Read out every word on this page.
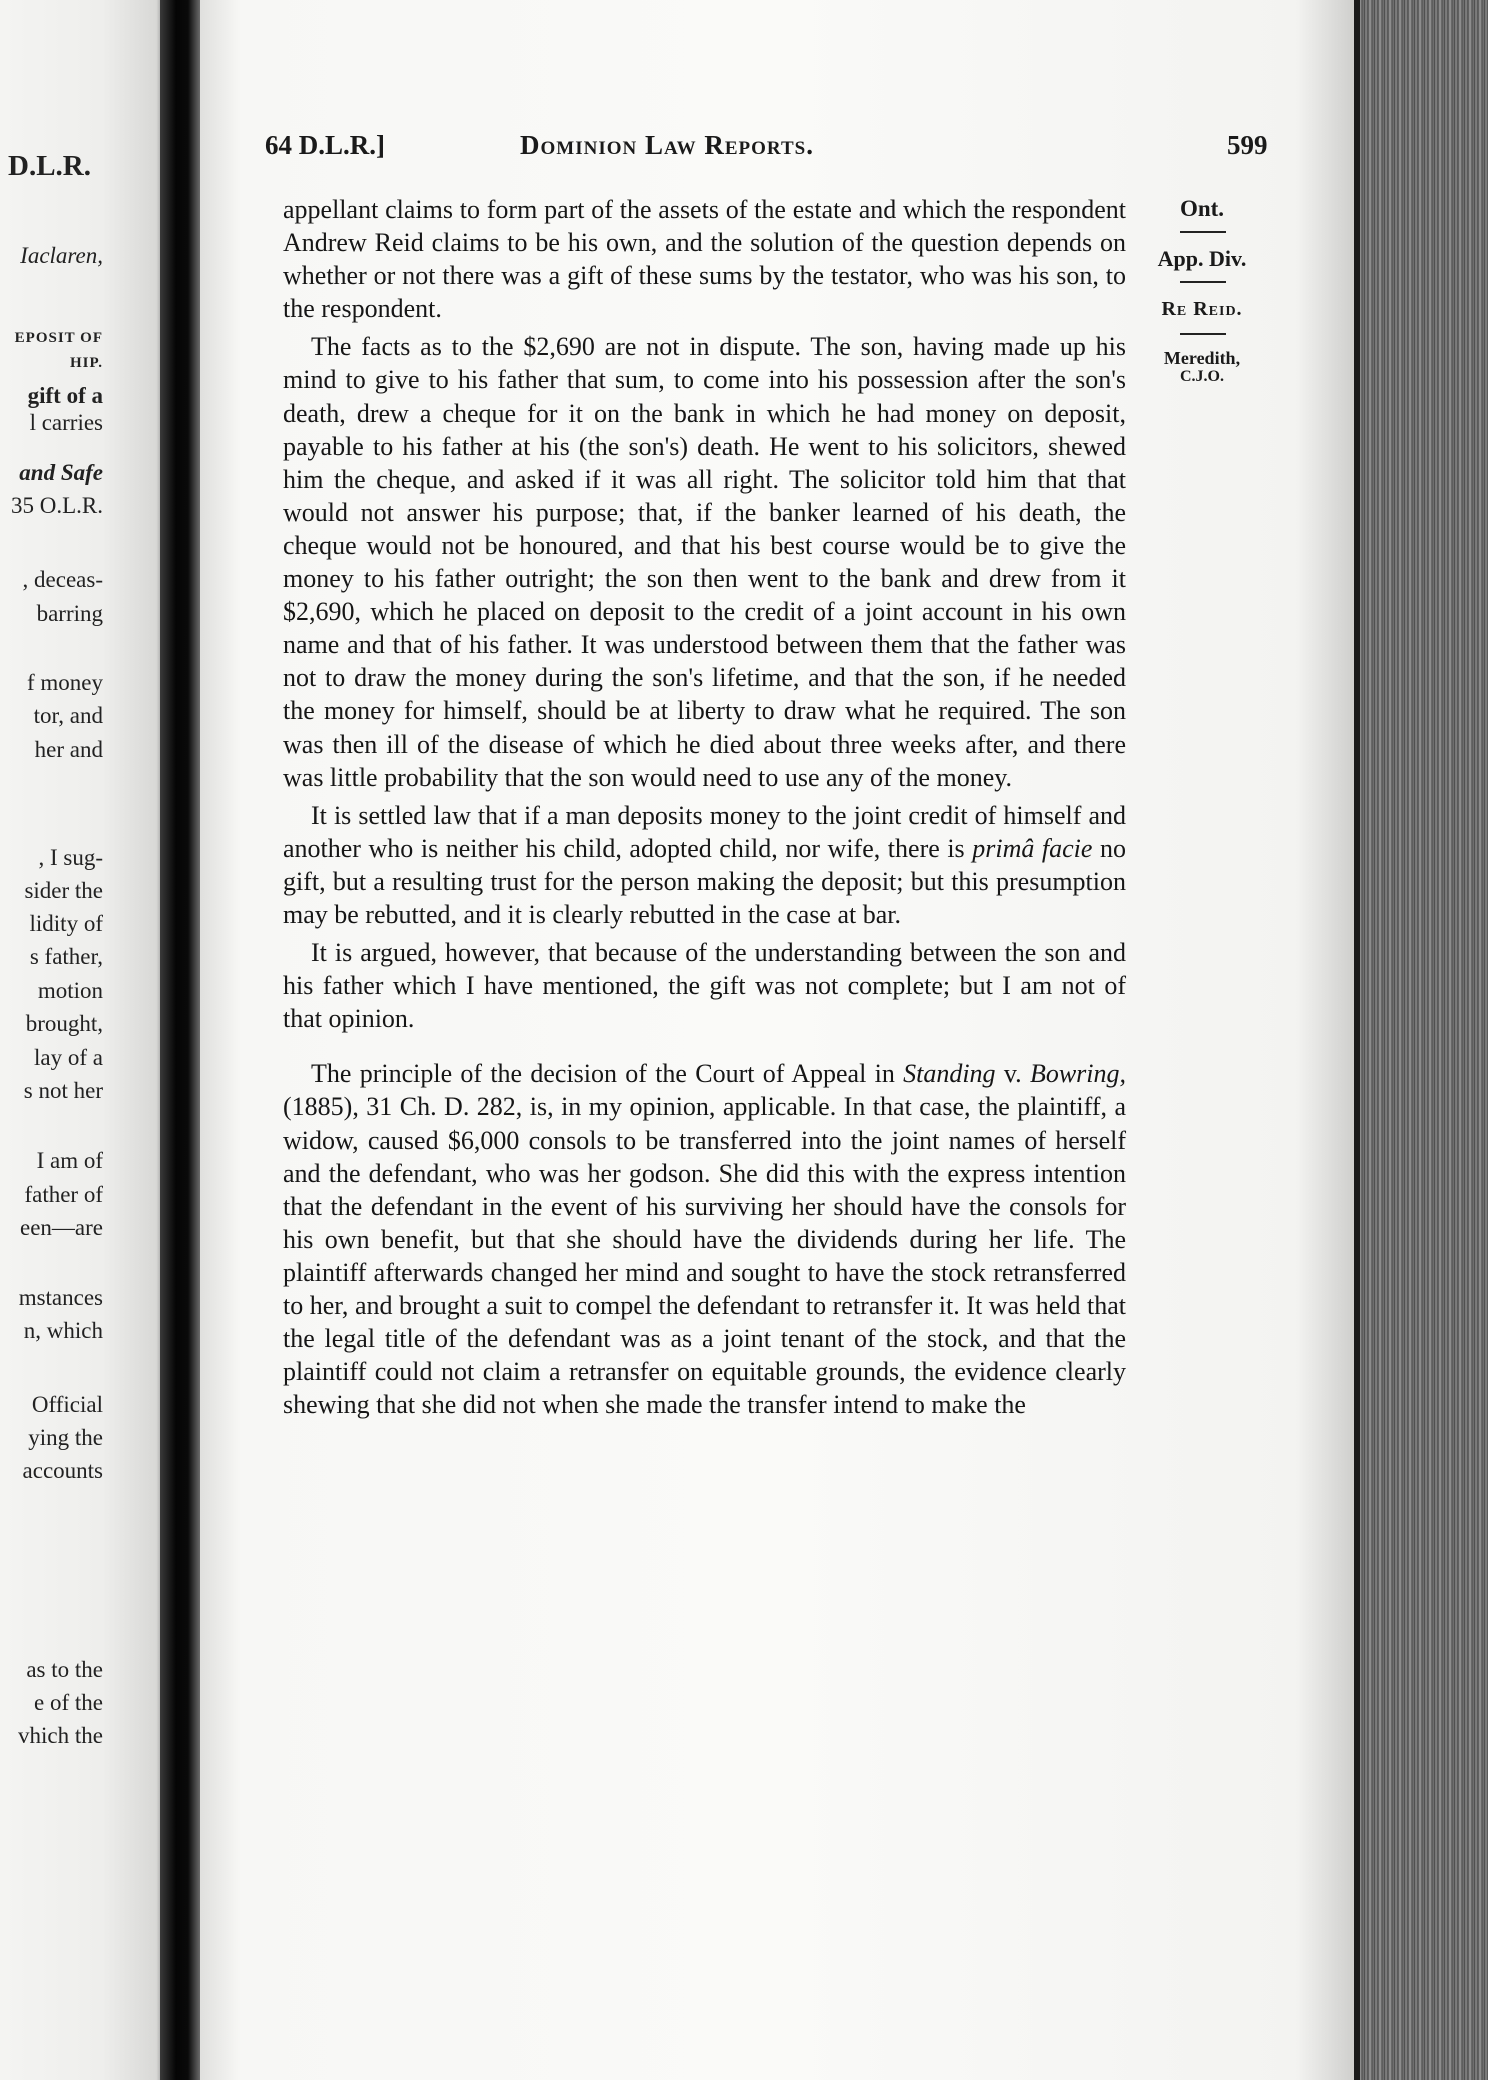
D.L.R.
Iaclaren,
EPOSIT OF
HIP.
gift of a
l carries
and Safe
35 O.L.R.
, deceas-
barring
f money
tor, and
her and
, I sug-
sider the
lidity of
s father,
motion
brought,
lay of a
s not her
I am of
father of
een—are
mstances
n, which
Official
ying the
accounts
as to the
e of the
vhich the
64 D.L.R.]	Dominion Law Reports.	599
Ont.
App. Div.
Re Reid.
Meredith,
C.J.O.

appellant claims to form part of the assets of the estate and which the respondent Andrew Reid claims to be his own, and the solution of the question depends on whether or not there was a gift of these sums by the testator, who was his son, to the respondent.

The facts as to the $2,690 are not in dispute. The son, having made up his mind to give to his father that sum, to come into his possession after the son's death, drew a cheque for it on the bank in which he had money on deposit, payable to his father at his (the son's) death. He went to his solicitors, shewed him the cheque, and asked if it was all right. The solicitor told him that that would not answer his purpose; that, if the banker learned of his death, the cheque would not be honoured, and that his best course would be to give the money to his father outright; the son then went to the bank and drew from it $2,690, which he placed on deposit to the credit of a joint account in his own name and that of his father. It was understood between them that the father was not to draw the money during the son's lifetime, and that the son, if he needed the money for himself, should be at liberty to draw what he required. The son was then ill of the disease of which he died about three weeks after, and there was little probability that the son would need to use any of the money.

It is settled law that if a man deposits money to the joint credit of himself and another who is neither his child, adopted child, nor wife, there is primâ facie no gift, but a resulting trust for the person making the deposit; but this presumption may be rebutted, and it is clearly rebutted in the case at bar.

It is argued, however, that because of the understanding between the son and his father which I have mentioned, the gift was not complete; but I am not of that opinion.

The principle of the decision of the Court of Appeal in Standing v. Bowring, (1885), 31 Ch. D. 282, is, in my opinion, applicable. In that case, the plaintiff, a widow, caused $6,000 consols to be transferred into the joint names of herself and the defendant, who was her godson. She did this with the express intention that the defendant in the event of his surviving her should have the consols for his own benefit, but that she should have the dividends during her life. The plaintiff afterwards changed her mind and sought to have the stock retransferred to her, and brought a suit to compel the defendant to retransfer it. It was held that the legal title of the defendant was as a joint tenant of the stock, and that the plaintiff could not claim a retransfer on equitable grounds, the evidence clearly shewing that she did not when she made the transfer intend to make the
